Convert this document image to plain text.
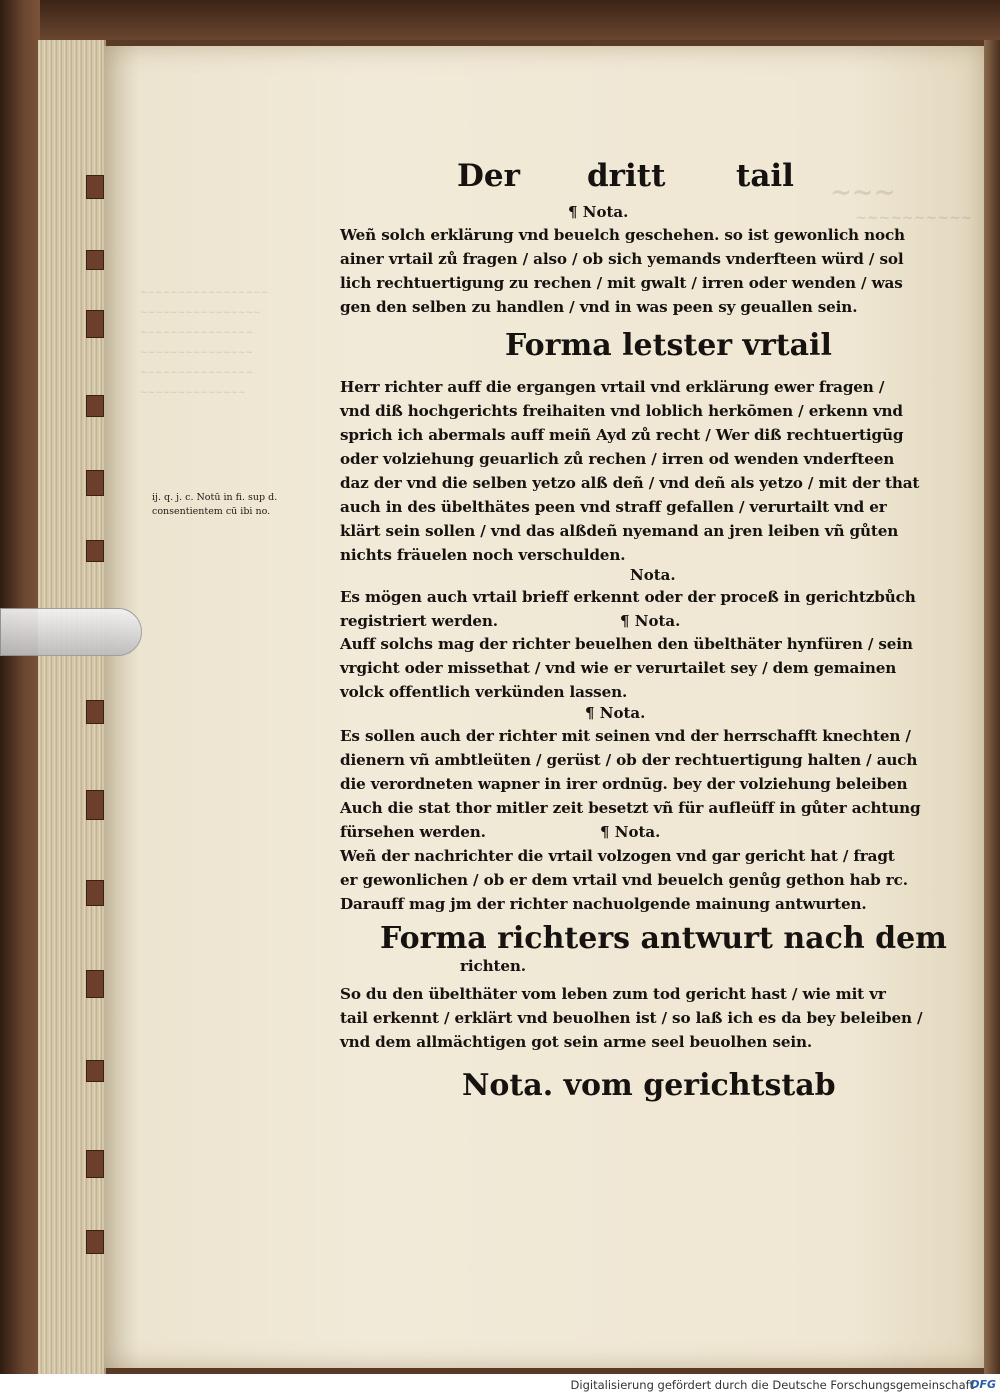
~~~
~~~~~~~~~~
~~~~~~~~~~~~~~~~~
~~~~~~~~~~~~~~~~
~~~~~~~~~~~~~~~
~~~~~~~~~~~~~~~
~~~~~~~~~~~~~~~
~~~~~~~~~~~~~~
Der dritt tail
¶ Nota.
Weñ solch erklärung vnd beuelch geschehen. so ist gewonlich noch
ainer vrtail zů fragen / also / ob sich yemands vnderfteen würd / sol
lich rechtuertigung zu rechen / mit gwalt / irren oder wenden / was
gen den selben zu handlen / vnd in was peen sy geuallen sein.
Forma letster vrtail
Herr richter auff die ergangen vrtail vnd erklärung ewer fragen /
vnd diß hochgerichts freihaiten vnd loblich herkōmen / erkenn vnd
sprich ich abermals auff meiñ Ayd zů recht / Wer diß rechtuertigūg
oder volziehung geuarlich zů rechen / irren od wenden vnderfteen
daz der vnd die selben yetzo alß deñ / vnd deñ als yetzo / mit der that
auch in des übelthätes peen vnd straff gefallen / verurtailt vnd er
klärt sein sollen / vnd das alßdeñ nyemand an jren leiben vñ gůten
nichts fräuelen noch verschulden.
ij. q. j. c. Notū in fi. sup d.
consentientem cū ibi no.
Nota.
Es mögen auch vrtail brieff erkennt oder der proceß in gerichtzbůch
registriert werden.	¶ Nota.
Auff solchs mag der richter beuelhen den übelthäter hynfüren / sein
vrgicht oder missethat / vnd wie er verurtailet sey / dem gemainen
volck offentlich verkünden lassen.
¶ Nota.
Es sollen auch der richter mit seinen vnd der herrschafft knechten /
dienern vñ ambtleüten / gerüst / ob der rechtuertigung halten / auch
die verordneten wapner in irer ordnūg. bey der volziehung beleiben
Auch die stat thor mitler zeit besetzt vñ für aufleüff in gůter achtung
fürsehen werden.	¶ Nota.
Weñ der nachrichter die vrtail volzogen vnd gar gericht hat / fragt
er gewonlichen / ob er dem vrtail vnd beuelch genůg gethon hab rc.
Darauff mag jm der richter nachuolgende mainung antwurten.
Forma richters antwurt nach dem
richten.
So du den übelthäter vom leben zum tod gericht hast / wie mit vr
tail erkennt / erklärt vnd beuolhen ist / so laß ich es da bey beleiben /
vnd dem allmächtigen got sein arme seel beuolhen sein.
Nota. vom gerichtstab
Digitalisierung gefördert durch die Deutsche Forschungsgemeinschaft
DFG
